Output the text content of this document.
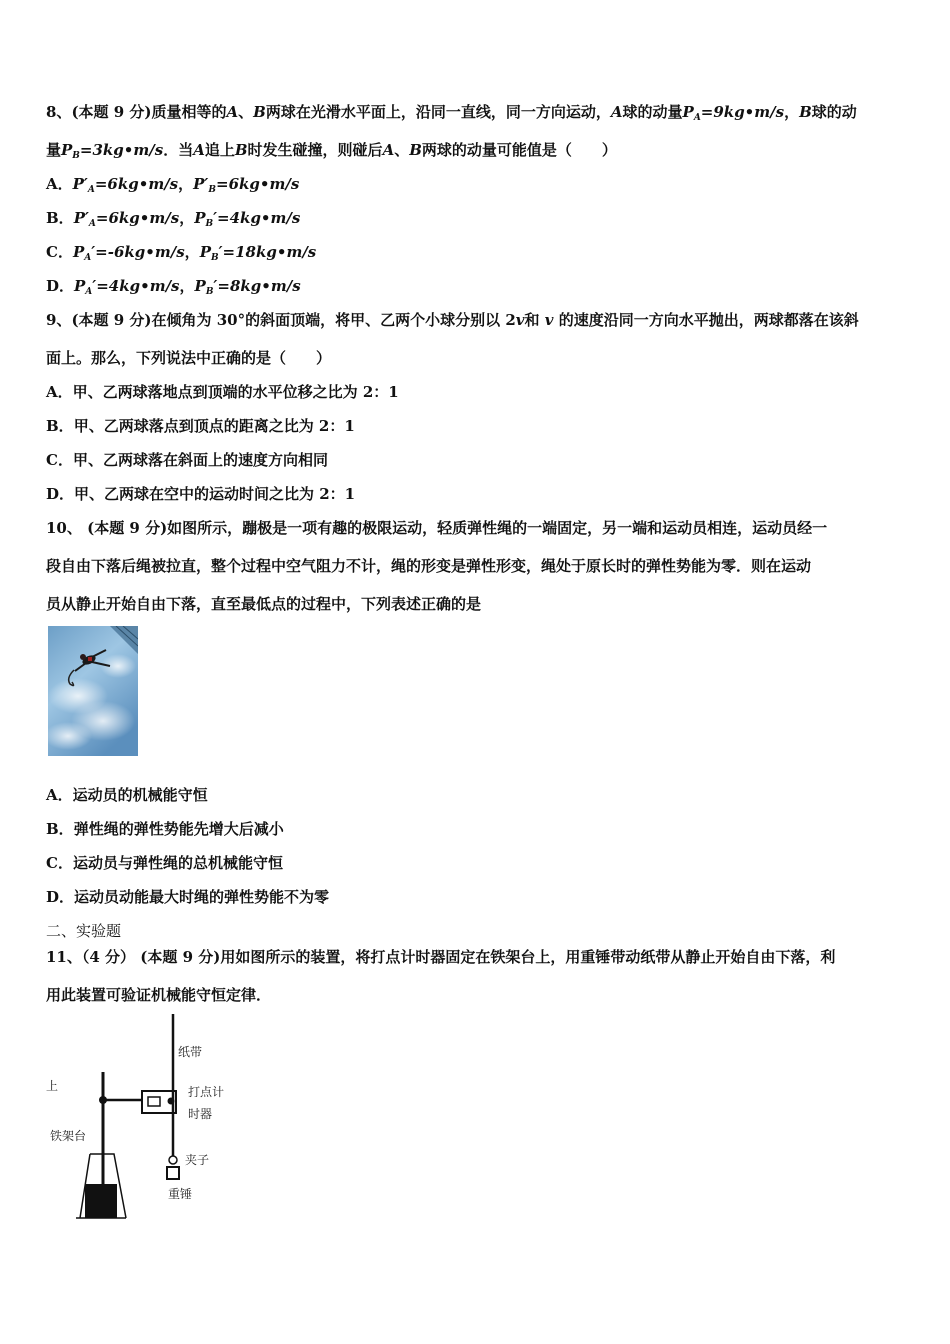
8、(本题 9 分)质量相等的A、B两球在光滑水平面上，沿同一直线，同一方向运动，A球的动量$P_A=9kg•m/s$，B球的动
量$P_B=3kg•m/s$．当A追上B时发生碰撞，则碰后A、B两球的动量可能值是（　　）
A．$P'_A=6kg•m/s$，$P'_B=6kg•m/s$
B．$P'_A=6kg•m/s$，$P_B'=4kg•m/s$
C．$P_A'=-6kg•m/s$，$P_B'=18kg•m/s$
D．$P_A'=4kg•m/s$，$P_B'=8kg•m/s$
9、(本题 9 分)在倾角为 30°的斜面顶端，将甲、乙两个小球分别以 2v和 v 的速度沿同一方向水平抛出，两球都落在该斜
面上。那么，下列说法中正确的是（　　）
A．甲、乙两球落地点到顶端的水平位移之比为 2：1
B．甲、乙两球落点到顶点的距离之比为 2：1
C．甲、乙两球落在斜面上的速度方向相同
D．甲、乙两球在空中的运动时间之比为 2：1
10、 (本题 9 分)如图所示，蹦极是一项有趣的极限运动，轻质弹性绳的一端固定，另一端和运动员相连，运动员经一
段自由下落后绳被拉直，整个过程中空气阻力不计，绳的形变是弹性形变，绳处于原长时的弹性势能为零．则在运动
员从静止开始自由下落，直至最低点的过程中，下列表述正确的是
A．运动员的机械能守恒
B．弹性绳的弹性势能先增大后减小
C．运动员与弹性绳的总机械能守恒
D．运动员动能最大时绳的弹性势能不为零
二、实验题
11、（4 分） (本题 9 分)用如图所示的装置，将打点计时器固定在铁架台上，用重锤带动纸带从静止开始自由下落，利
用此装置可验证机械能守恒定律．
纸带
打点计
时器
铁架台
夹子
重锤
上
